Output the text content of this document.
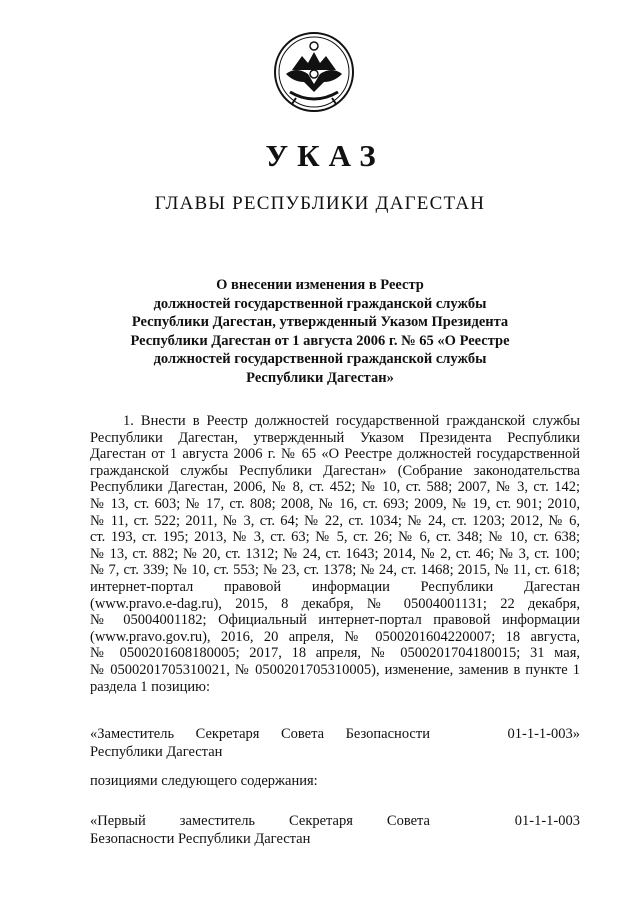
УКАЗ
ГЛАВЫ РЕСПУБЛИКИ ДАГЕСТАН
О внесении изменения в Реестр
должностей государственной гражданской службы
Республики Дагестан, утвержденный Указом Президента
Республики Дагестан от 1 августа 2006 г. № 65 «О Реестре
должностей государственной гражданской службы
Республики Дагестан»
1. Внести в Реестр должностей государственной гражданской службы
Республики Дагестан, утвержденный Указом Президента Республики
Дагестан от 1 августа 2006 г. № 65 «О Реестре должностей государственной
гражданской службы Республики Дагестан» (Собрание законодательства
Республики Дагестан, 2006, № 8, ст. 452; № 10, ст. 588; 2007, № 3, ст. 142;
№ 13, ст. 603; № 17, ст. 808; 2008, № 16, ст. 693; 2009, № 19, ст. 901; 2010,
№ 11, ст. 522; 2011, № 3, ст. 64; № 22, ст. 1034; № 24, ст. 1203; 2012, № 6,
ст. 193, ст. 195; 2013, № 3, ст. 63; № 5, ст. 26; № 6, ст. 348; № 10, ст. 638;
№ 13, ст. 882; № 20, ст. 1312; № 24, ст. 1643; 2014, № 2, ст. 46; № 3, ст. 100;
№ 7, ст. 339; № 10, ст. 553; № 23, ст. 1378; № 24, ст. 1468; 2015, № 11, ст. 618;
интернет-портал правовой информации Республики Дагестан
(www.pravo.e-dag.ru), 2015, 8 декабря, № 05004001131; 22 декабря,
№ 05004001182; Официальный интернет-портал правовой информации
(www.pravo.gov.ru), 2016, 20 апреля, № 0500201604220007; 18 августа,
№ 0500201608180005; 2017, 18 апреля, № 0500201704180015; 31 мая,
№ 0500201705310021, № 0500201705310005), изменение, заменив в пункте 1
раздела 1 позицию:
«Заместитель Секретаря Совета Безопасности	01-1-1-003»
Республики Дагестан
позициями следующего содержания:
«Первый заместитель Секретаря Совета	01-1-1-003
Безопасности Республики Дагестан
